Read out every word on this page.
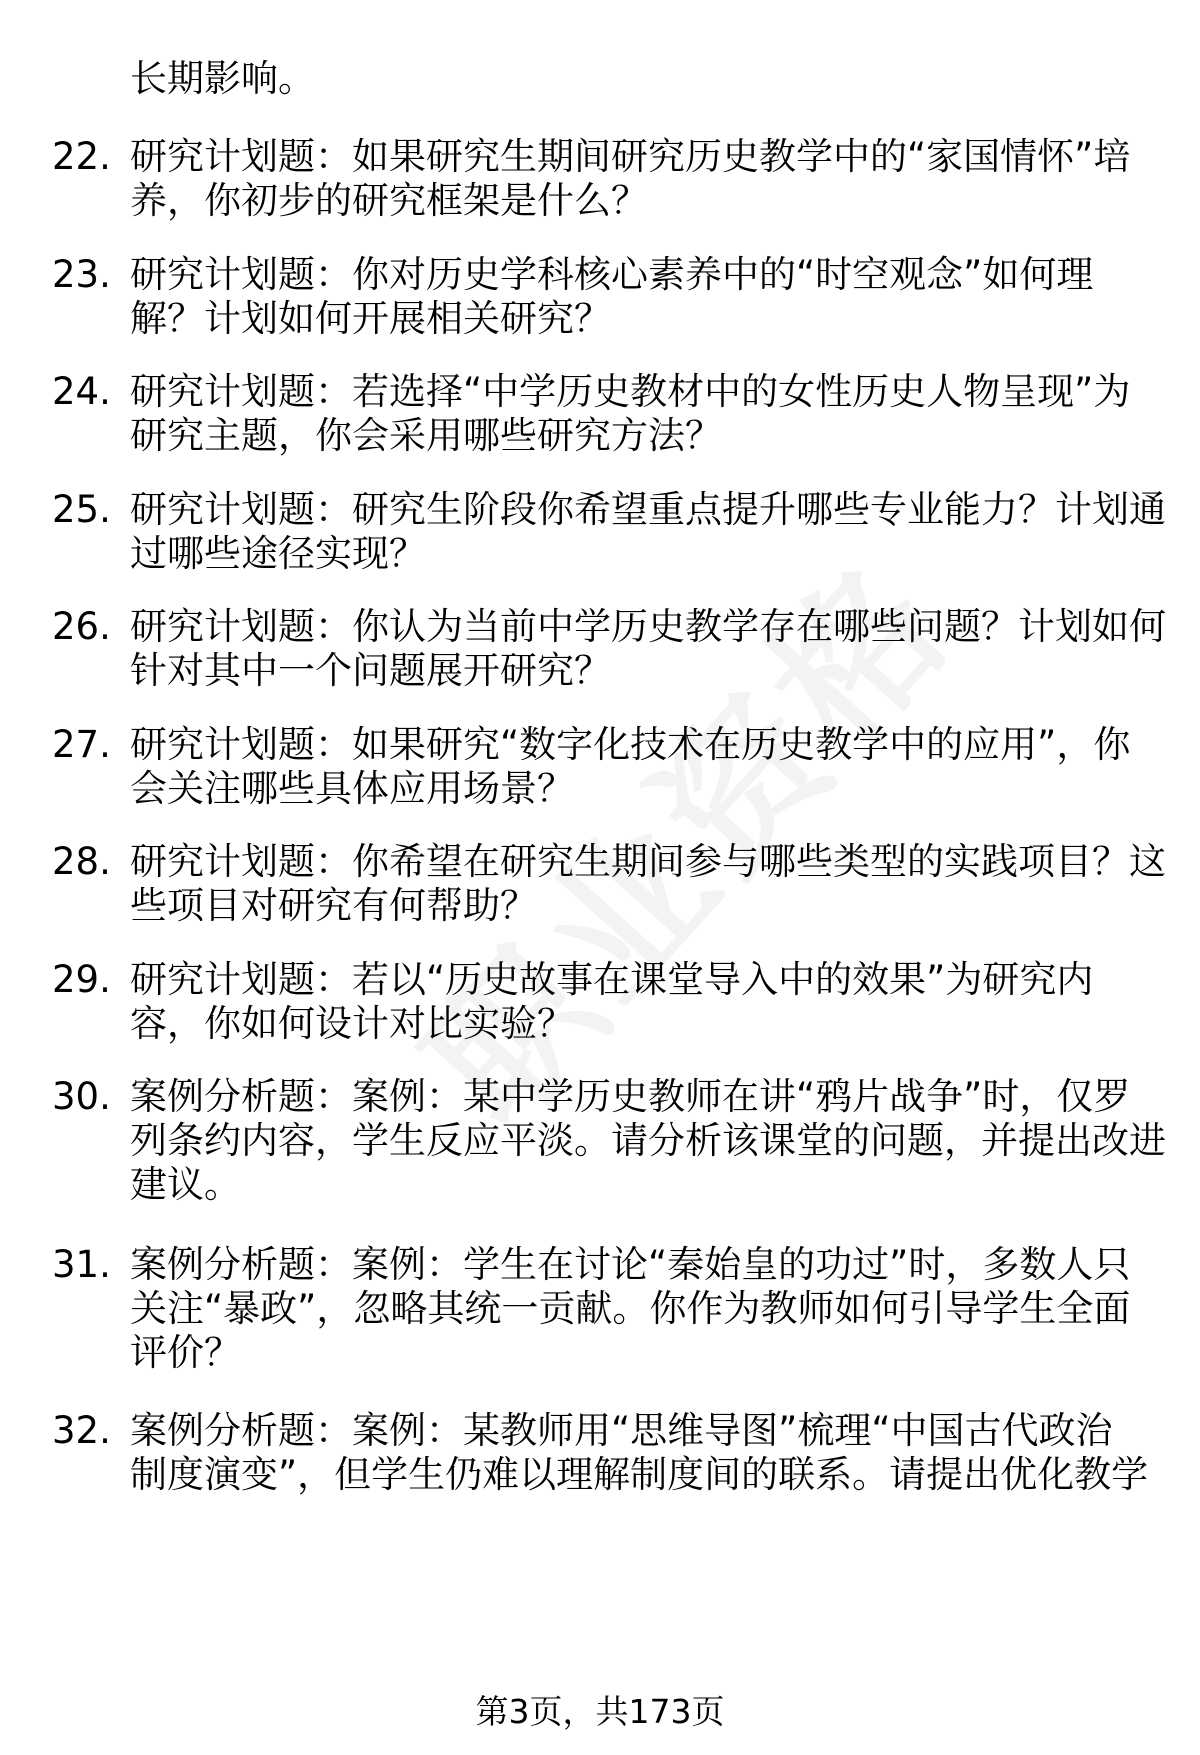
长期影响。
22. 研究计划题：如果研究生期间研究历史教学中的“家国情怀”培
养，你初步的研究框架是什么？
23. 研究计划题：你对历史学科核心素养中的“时空观念”如何理
解？计划如何开展相关研究？
24. 研究计划题：若选择“中学历史教材中的女性历史人物呈现”为
研究主题，你会采用哪些研究方法？
25. 研究计划题：研究生阶段你希望重点提升哪些专业能力？计划通
过哪些途径实现？
26. 研究计划题：你认为当前中学历史教学存在哪些问题？计划如何
针对其中一个问题展开研究？
27. 研究计划题：如果研究“数字化技术在历史教学中的应用”，你
会关注哪些具体应用场景？
28. 研究计划题：你希望在研究生期间参与哪些类型的实践项目？这
些项目对研究有何帮助？
29. 研究计划题：若以“历史故事在课堂导入中的效果”为研究内
容，你如何设计对比实验？
30. 案例分析题：案例：某中学历史教师在讲“鸦片战争”时，仅罗
列条约内容，学生反应平淡。请分析该课堂的问题，并提出改进
建议。
31. 案例分析题：案例：学生在讨论“秦始皇的功过”时，多数人只
关注“暴政”，忽略其统一贡献。你作为教师如何引导学生全面
评价？
32. 案例分析题：案例：某教师用“思维导图”梳理“中国古代政治
制度演变”，但学生仍难以理解制度间的联系。请提出优化教学
第3页，共173页
